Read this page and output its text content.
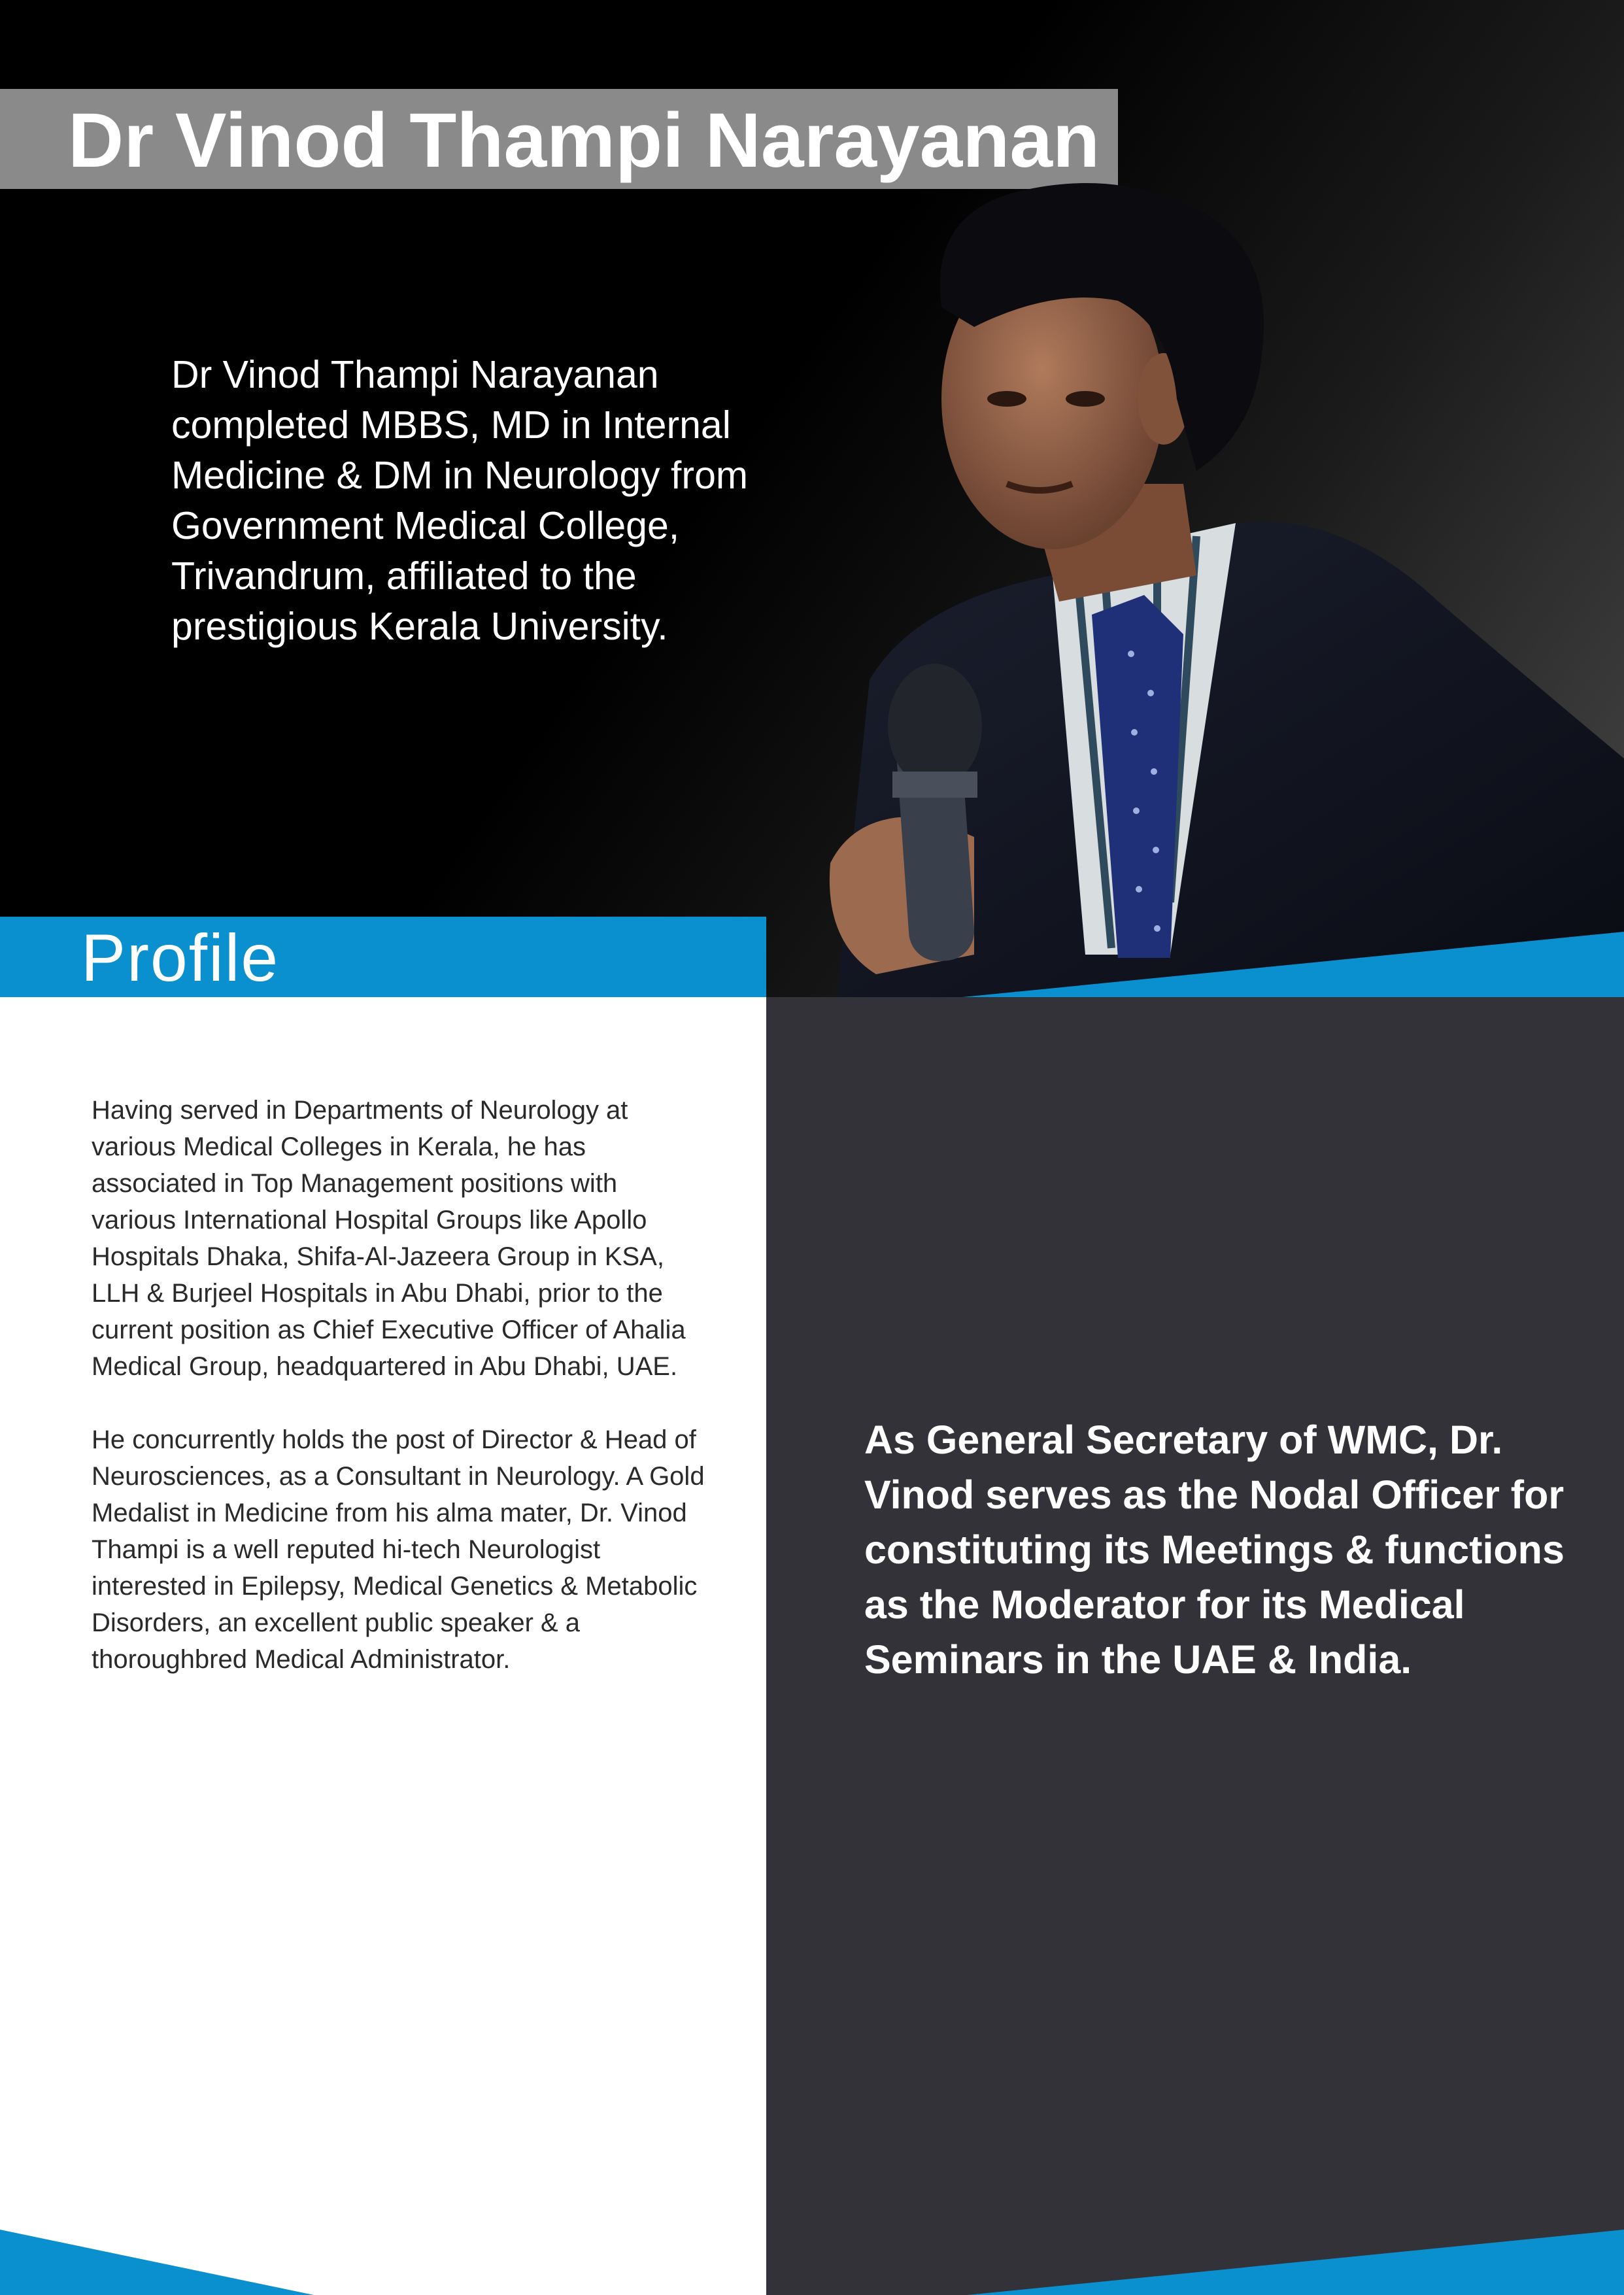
Dr Vinod Thampi Narayanan

Dr Vinod Thampi Narayanan completed MBBS, MD in Internal Medicine & DM in Neurology from Government Medical College, Trivandrum, affiliated to the prestigious Kerala University.

Profile

As General Secretary of WMC, Dr. Vinod serves as the Nodal Officer for constituting its Meetings & functions as the Moderator for its Medical Seminars in the UAE & India.

Having served in Departments of Neurology at various Medical Colleges in Kerala, he has associated in Top Management positions with various International Hospital Groups like Apollo Hospitals Dhaka, Shifa-Al-Jazeera Group in KSA, LLH & Burjeel Hospitals in Abu Dhabi, prior to the current position as Chief Executive Officer of Ahalia Medical Group, headquartered in Abu Dhabi, UAE.

He concurrently holds the post of Director & Head of Neurosciences, as a Consultant in Neurology. A Gold Medalist in Medicine from his alma mater, Dr. Vinod Thampi is a well reputed hi-tech Neurologist interested in Epilepsy, Medical Genetics & Metabolic Disorders, an excellent public speaker & a thoroughbred Medical Administrator.
